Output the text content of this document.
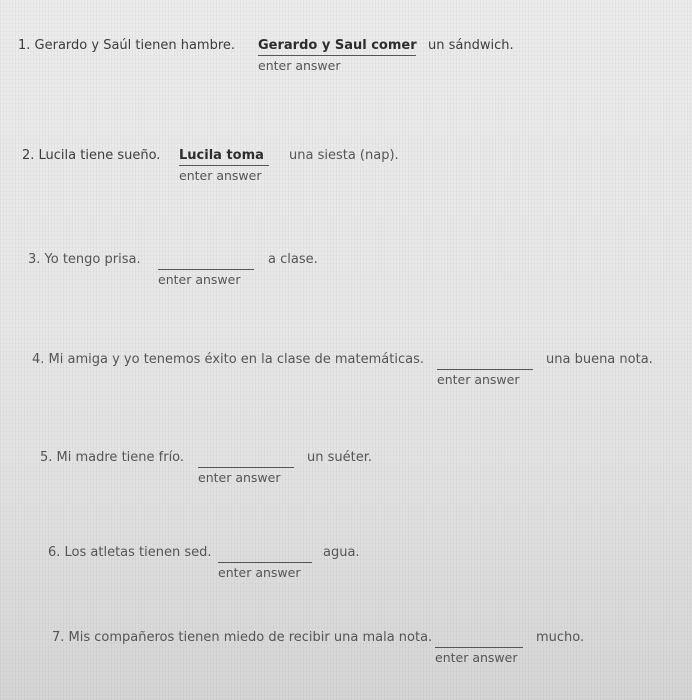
1. Gerardo y Saúl tienen hambre. Gerardo y Saul comer
enter answer
un sándwich.
2. Lucila tiene sueño. Lucila toma
enter answer
una siesta (nap).
3. Yo tengo prisa.
enter answer
a clase.
4. Mi amiga y yo tenemos éxito en la clase de matemáticas.
enter answer
una buena nota.
5. Mi madre tiene frío.
enter answer
un suéter.
6. Los atletas tienen sed.
enter answer
agua.
7. Mis compañeros tienen miedo de recibir una mala nota.
enter answer
mucho.
